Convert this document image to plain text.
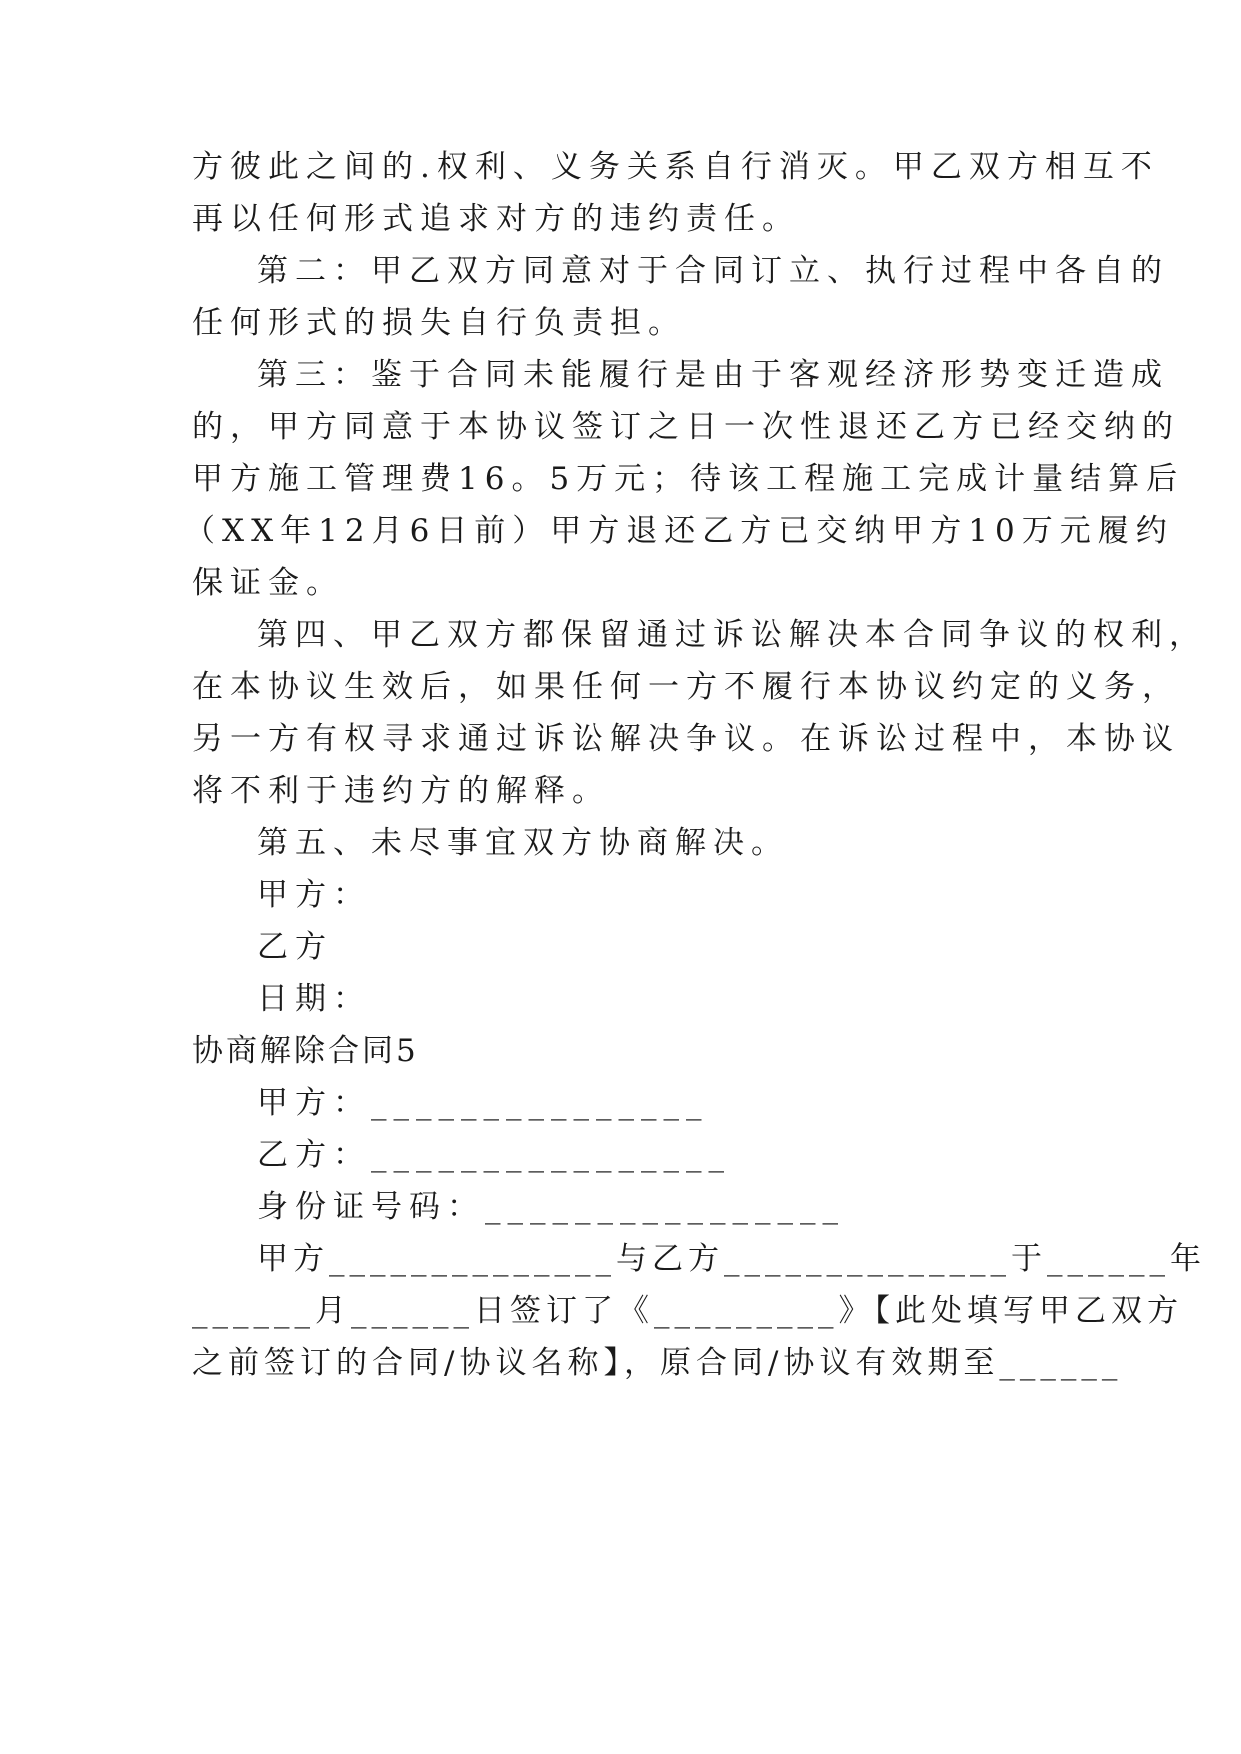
方彼此之间的.权利、义务关系自行消灭。甲乙双方相互不
再以任何形式追求对方的违约责任。
第二：甲乙双方同意对于合同订立、执行过程中各自的
任何形式的损失自行负责担。
第三：鉴于合同未能履行是由于客观经济形势变迁造成
的，甲方同意于本协议签订之日一次性退还乙方已经交纳的
甲方施工管理费16。5万元；待该工程施工完成计量结算后
（XX年12月6日前）甲方退还乙方已交纳甲方10万元履约
保证金。
第四、甲乙双方都保留通过诉讼解决本合同争议的权利，
在本协议生效后，如果任何一方不履行本协议约定的义务，
另一方有权寻求通过诉讼解决争议。在诉讼过程中，本协议
将不利于违约方的解释。
第五、未尽事宜双方协商解决。
甲方：
乙方
日期：
协商解除合同5
甲方：_______________
乙方：________________
身份证号码：________________
甲方______________与乙方______________于______年
______月______日签订了《_________》【此处填写甲乙双方
之前签订的合同/协议名称】，原合同/协议有效期至______
